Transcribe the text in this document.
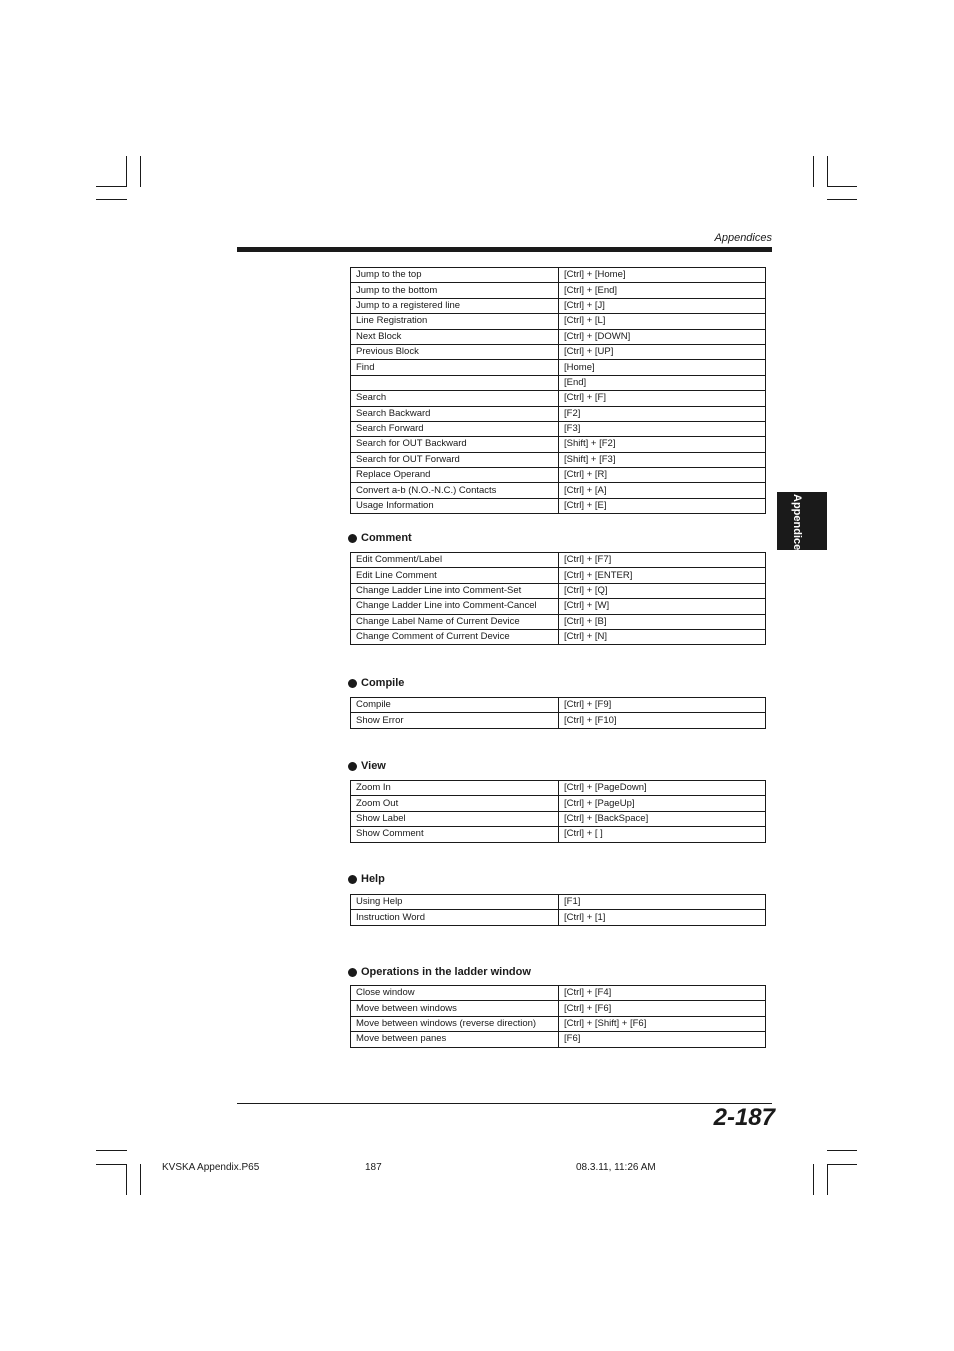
Appendices
Appendices
Jump to the top	[Ctrl] + [Home]
Jump to the bottom	[Ctrl] + [End]
Jump to a registered line	[Ctrl] + [J]
Line Registration	[Ctrl] + [L]
Next Block	[Ctrl] + [DOWN]
Previous Block	[Ctrl] + [UP]
Find	[Home]
	[End]
Search	[Ctrl] + [F]
Search Backward	[F2]
Search Forward	[F3]
Search for OUT Backward	[Shift] + [F2]
Search for OUT Forward	[Shift] + [F3]
Replace Operand	[Ctrl] + [R]
Convert a-b (N.O.-N.C.) Contacts	[Ctrl] + [A]
Usage Information	[Ctrl] + [E]
Comment
Edit Comment/Label	[Ctrl] + [F7]
Edit Line Comment	[Ctrl] + [ENTER]
Change Ladder Line into Comment-Set	[Ctrl] + [Q]
Change Ladder Line into Comment-Cancel	[Ctrl] + [W]
Change Label Name of Current Device	[Ctrl] + [B]
Change Comment of Current Device	[Ctrl] + [N]
Compile
Compile	[Ctrl] + [F9]
Show Error	[Ctrl] + [F10]
View
Zoom In	[Ctrl] + [PageDown]
Zoom Out	[Ctrl] + [PageUp]
Show Label	[Ctrl] + [BackSpace]
Show Comment	[Ctrl] + [ ]
Help
Using Help	[F1]
Instruction Word	[Ctrl] + [1]
Operations in the ladder window
Close window	[Ctrl] + [F4]
Move between windows	[Ctrl] + [F6]
Move between windows (reverse direction)	[Ctrl] + [Shift] + [F6]
Move between panes	[F6]
2-187
KVSKA Appendix.P65	187	08.3.11, 11:26 AM
